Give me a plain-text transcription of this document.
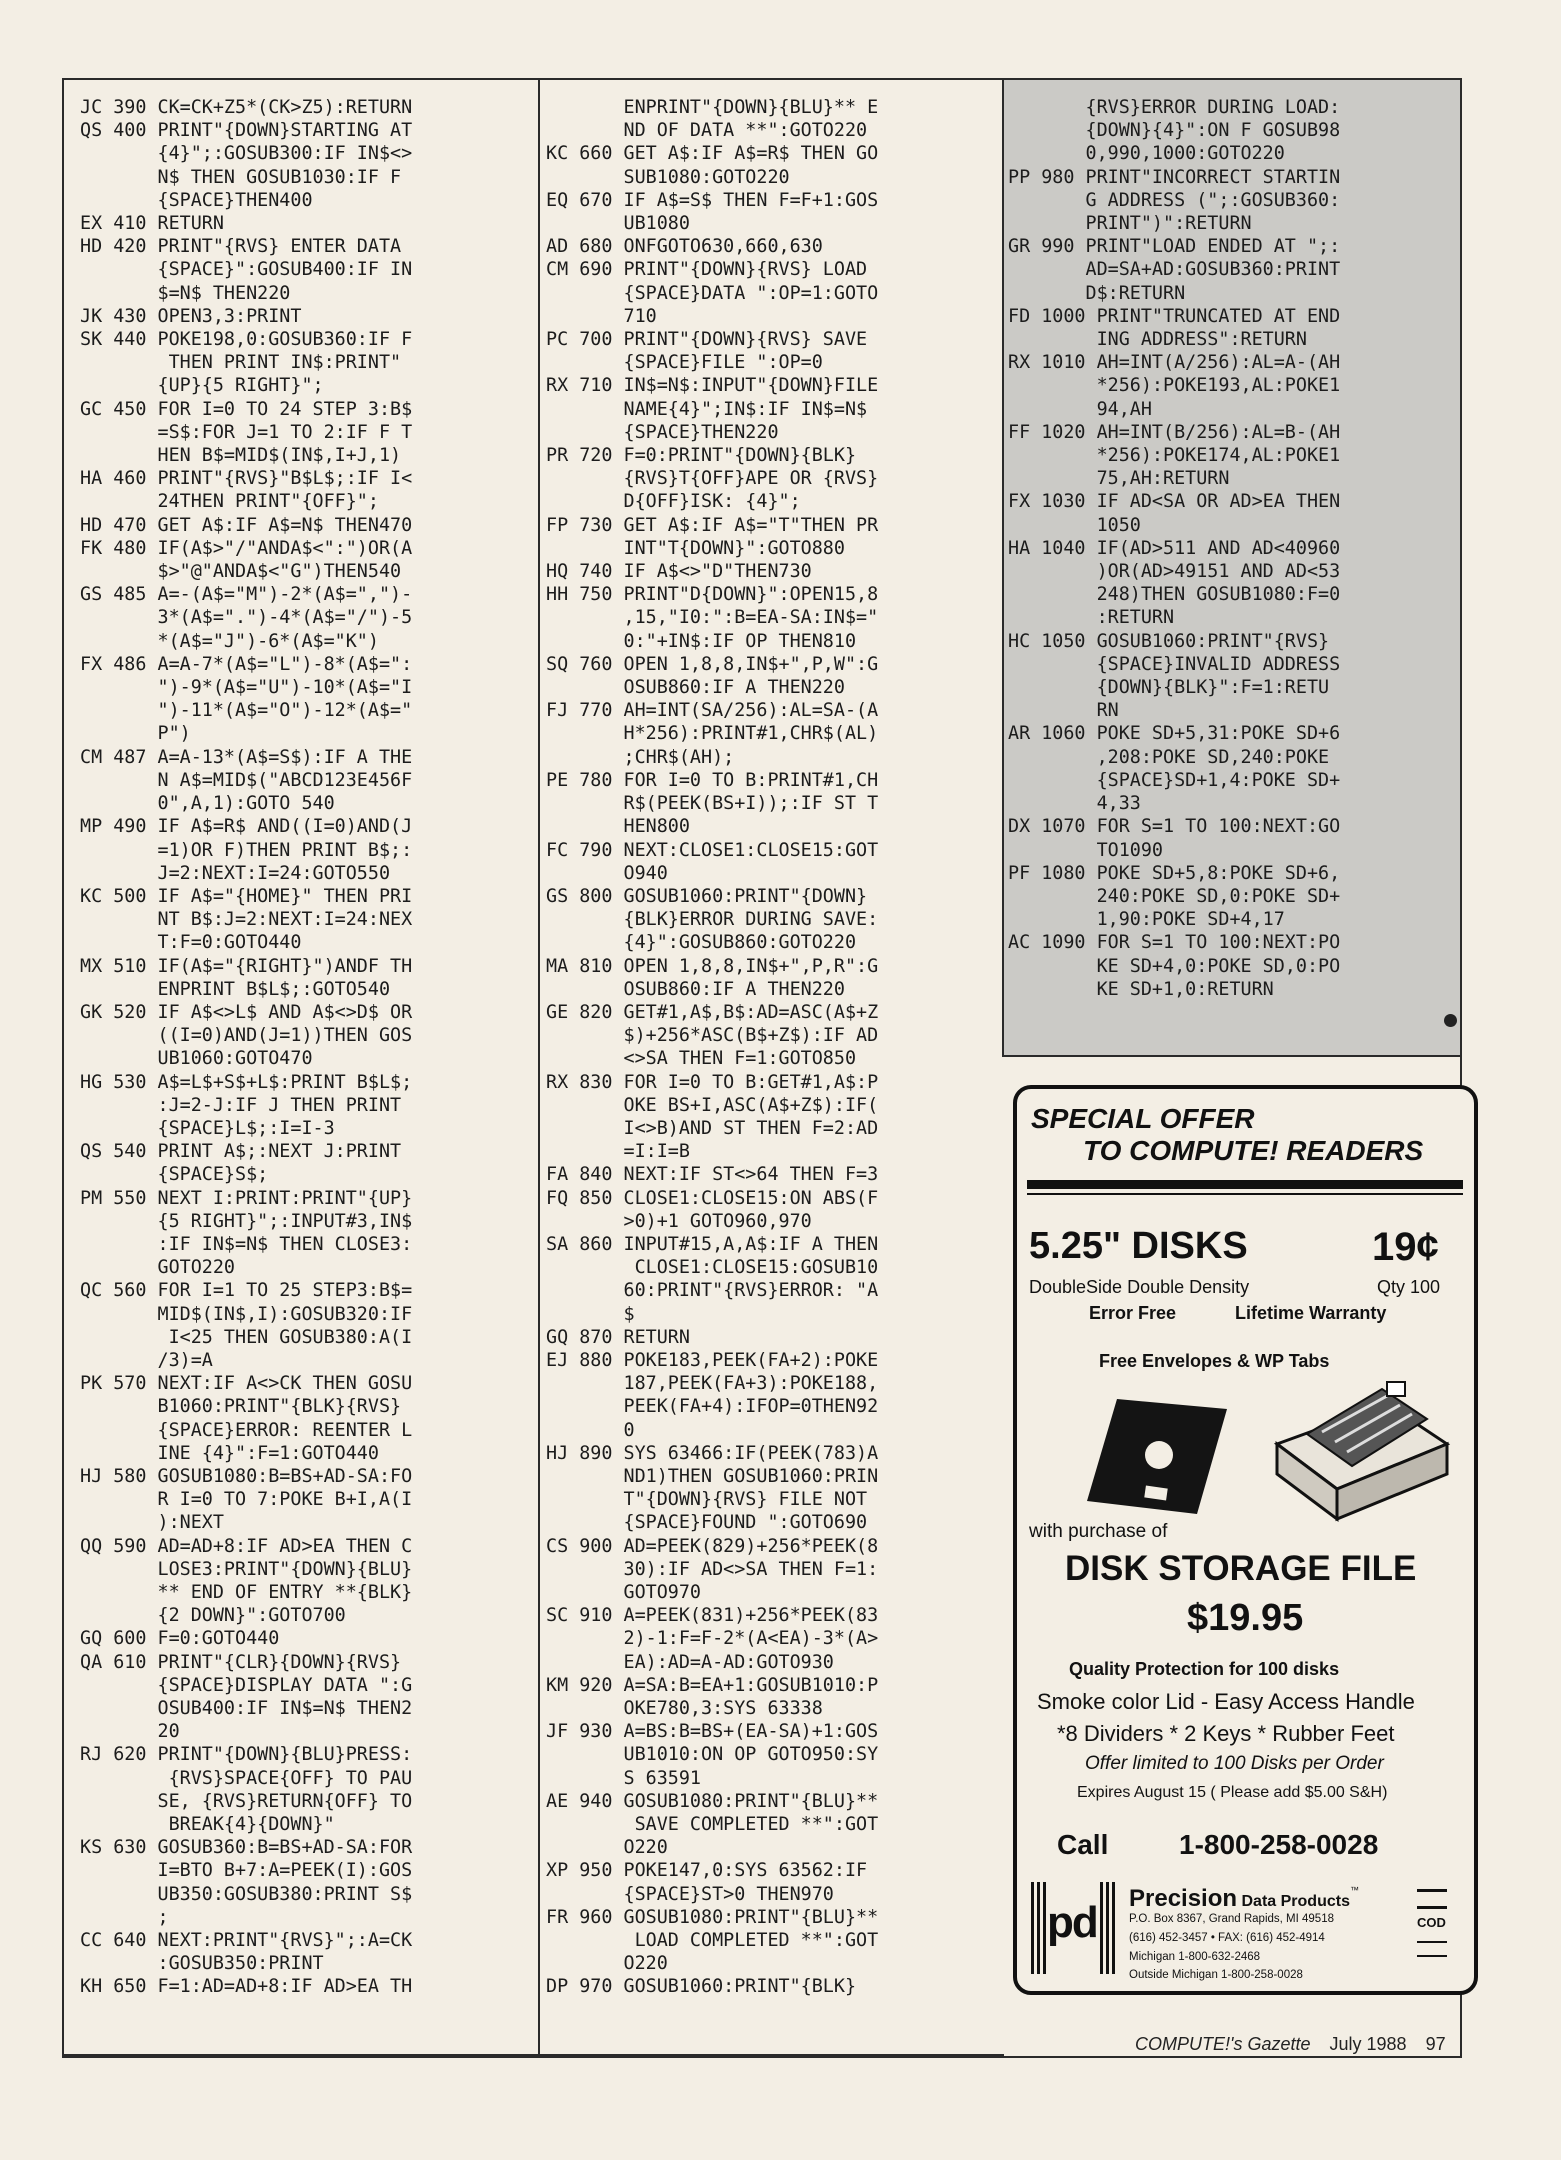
JC 390 CK=CK+Z5*(CK>Z5):RETURN
QS 400 PRINT"{DOWN}STARTING AT
{4}";:GOSUB300:IF IN$<>
N$ THEN GOSUB1030:IF F
{SPACE}THEN400
EX 410 RETURN
HD 420 PRINT"{RVS} ENTER DATA
{SPACE}":GOSUB400:IF IN
$=N$ THEN220
JK 430 OPEN3,3:PRINT
SK 440 POKE198,0:GOSUB360:IF F
THEN PRINT IN$:PRINT"
{UP}{5 RIGHT}";
GC 450 FOR I=0 TO 24 STEP 3:B$
=S$:FOR J=1 TO 2:IF F T
HEN B$=MID$(IN$,I+J,1)
HA 460 PRINT"{RVS}"B$L$;:IF I<
24THEN PRINT"{OFF}";
HD 470 GET A$:IF A$=N$ THEN470
FK 480 IF(A$>"/"ANDA$<":")OR(A
$>"@"ANDA$<"G")THEN540
GS 485 A=-(A$="M")-2*(A$=",")-
3*(A$=".")-4*(A$="/")-5
*(A$="J")-6*(A$="K")
FX 486 A=A-7*(A$="L")-8*(A$=":
")-9*(A$="U")-10*(A$="I
")-11*(A$="O")-12*(A$="
P")
CM 487 A=A-13*(A$=S$):IF A THE
N A$=MID$("ABCD123E456F
0",A,1):GOTO 540
MP 490 IF A$=R$ AND((I=0)AND(J
=1)OR F)THEN PRINT B$;:
J=2:NEXT:I=24:GOTO550
KC 500 IF A$="{HOME}" THEN PRI
NT B$:J=2:NEXT:I=24:NEX
T:F=0:GOTO440
MX 510 IF(A$="{RIGHT}")ANDF TH
ENPRINT B$L$;:GOTO540
GK 520 IF A$<>L$ AND A$<>D$ OR
((I=0)AND(J=1))THEN GOS
UB1060:GOTO470
HG 530 A$=L$+S$+L$:PRINT B$L$;
:J=2-J:IF J THEN PRINT
{SPACE}L$;:I=I-3
QS 540 PRINT A$;:NEXT J:PRINT
{SPACE}S$;
PM 550 NEXT I:PRINT:PRINT"{UP}
{5 RIGHT}";:INPUT#3,IN$
:IF IN$=N$ THEN CLOSE3:
GOTO220
QC 560 FOR I=1 TO 25 STEP3:B$=
MID$(IN$,I):GOSUB320:IF
I<25 THEN GOSUB380:A(I
/3)=A
PK 570 NEXT:IF A<>CK THEN GOSU
B1060:PRINT"{BLK}{RVS}
{SPACE}ERROR: REENTER L
INE {4}":F=1:GOTO440
HJ 580 GOSUB1080:B=BS+AD-SA:FO
R I=0 TO 7:POKE B+I,A(I
):NEXT
QQ 590 AD=AD+8:IF AD>EA THEN C
LOSE3:PRINT"{DOWN}{BLU}
** END OF ENTRY **{BLK}
{2 DOWN}":GOTO700
GQ 600 F=0:GOTO440
QA 610 PRINT"{CLR}{DOWN}{RVS}
{SPACE}DISPLAY DATA ":G
OSUB400:IF IN$=N$ THEN2
20
RJ 620 PRINT"{DOWN}{BLU}PRESS:
{RVS}SPACE{OFF} TO PAU
SE, {RVS}RETURN{OFF} TO
BREAK{4}{DOWN}"
KS 630 GOSUB360:B=BS+AD-SA:FOR
I=BTO B+7:A=PEEK(I):GOS
UB350:GOSUB380:PRINT S$
;
CC 640 NEXT:PRINT"{RVS}";:A=CK
:GOSUB350:PRINT
KH 650 F=1:AD=AD+8:IF AD>EA TH
ENPRINT"{DOWN}{BLU}** E
ND OF DATA **":GOTO220
KC 660 GET A$:IF A$=R$ THEN GO
SUB1080:GOTO220
EQ 670 IF A$=S$ THEN F=F+1:GOS
UB1080
AD 680 ONFGOTO630,660,630
CM 690 PRINT"{DOWN}{RVS} LOAD
{SPACE}DATA ":OP=1:GOTO
710
PC 700 PRINT"{DOWN}{RVS} SAVE
{SPACE}FILE ":OP=0
RX 710 IN$=N$:INPUT"{DOWN}FILE
NAME{4}";IN$:IF IN$=N$
{SPACE}THEN220
PR 720 F=0:PRINT"{DOWN}{BLK}
{RVS}T{OFF}APE OR {RVS}
D{OFF}ISK: {4}";
FP 730 GET A$:IF A$="T"THEN PR
INT"T{DOWN}":GOTO880
HQ 740 IF A$<>"D"THEN730
HH 750 PRINT"D{DOWN}":OPEN15,8
,15,"I0:":B=EA-SA:IN$="
0:"+IN$:IF OP THEN810
SQ 760 OPEN 1,8,8,IN$+",P,W":G
OSUB860:IF A THEN220
FJ 770 AH=INT(SA/256):AL=SA-(A
H*256):PRINT#1,CHR$(AL)
;CHR$(AH);
PE 780 FOR I=0 TO B:PRINT#1,CH
R$(PEEK(BS+I));:IF ST T
HEN800
FC 790 NEXT:CLOSE1:CLOSE15:GOT
O940
GS 800 GOSUB1060:PRINT"{DOWN}
{BLK}ERROR DURING SAVE:
{4}":GOSUB860:GOTO220
MA 810 OPEN 1,8,8,IN$+",P,R":G
OSUB860:IF A THEN220
GE 820 GET#1,A$,B$:AD=ASC(A$+Z
$)+256*ASC(B$+Z$):IF AD
<>SA THEN F=1:GOTO850
RX 830 FOR I=0 TO B:GET#1,A$:P
OKE BS+I,ASC(A$+Z$):IF(
I<>B)AND ST THEN F=2:AD
=I:I=B
FA 840 NEXT:IF ST<>64 THEN F=3
FQ 850 CLOSE1:CLOSE15:ON ABS(F
>0)+1 GOTO960,970
SA 860 INPUT#15,A,A$:IF A THEN
CLOSE1:CLOSE15:GOSUB10
60:PRINT"{RVS}ERROR: "A
$
GQ 870 RETURN
EJ 880 POKE183,PEEK(FA+2):POKE
187,PEEK(FA+3):POKE188,
PEEK(FA+4):IFOP=0THEN92
0
HJ 890 SYS 63466:IF(PEEK(783)A
ND1)THEN GOSUB1060:PRIN
T"{DOWN}{RVS} FILE NOT
{SPACE}FOUND ":GOTO690
CS 900 AD=PEEK(829)+256*PEEK(8
30):IF AD<>SA THEN F=1:
GOTO970
SC 910 A=PEEK(831)+256*PEEK(83
2)-1:F=F-2*(A<EA)-3*(A>
EA):AD=A-AD:GOTO930
KM 920 A=SA:B=EA+1:GOSUB1010:P
OKE780,3:SYS 63338
JF 930 A=BS:B=BS+(EA-SA)+1:GOS
UB1010:ON OP GOTO950:SY
S 63591
AE 940 GOSUB1080:PRINT"{BLU}**
SAVE COMPLETED **":GOT
O220
XP 950 POKE147,0:SYS 63562:IF
{SPACE}ST>0 THEN970
FR 960 GOSUB1080:PRINT"{BLU}**
LOAD COMPLETED **":GOT
O220
DP 970 GOSUB1060:PRINT"{BLK}
{RVS}ERROR DURING LOAD:
{DOWN}{4}":ON F GOSUB98
0,990,1000:GOTO220
PP 980 PRINT"INCORRECT STARTIN
G ADDRESS (";:GOSUB360:
PRINT")":RETURN
GR 990 PRINT"LOAD ENDED AT ";:
AD=SA+AD:GOSUB360:PRINT
D$:RETURN
FD 1000 PRINT"TRUNCATED AT END
ING ADDRESS":RETURN
RX 1010 AH=INT(A/256):AL=A-(AH
*256):POKE193,AL:POKE1
94,AH
FF 1020 AH=INT(B/256):AL=B-(AH
*256):POKE174,AL:POKE1
75,AH:RETURN
FX 1030 IF AD<SA OR AD>EA THEN
1050
HA 1040 IF(AD>511 AND AD<40960
)OR(AD>49151 AND AD<53
248)THEN GOSUB1080:F=0
:RETURN
HC 1050 GOSUB1060:PRINT"{RVS}
{SPACE}INVALID ADDRESS
{DOWN}{BLK}":F=1:RETU
RN
AR 1060 POKE SD+5,31:POKE SD+6
,208:POKE SD,240:POKE
{SPACE}SD+1,4:POKE SD+
4,33
DX 1070 FOR S=1 TO 100:NEXT:GO
TO1090
PF 1080 POKE SD+5,8:POKE SD+6,
240:POKE SD,0:POKE SD+
1,90:POKE SD+4,17
AC 1090 FOR S=1 TO 100:NEXT:PO
KE SD+4,0:POKE SD,0:PO
KE SD+1,0:RETURN
SPECIAL OFFER
TO COMPUTE! READERS
5.25" DISKS	19¢
DoubleSide Double Density	Qty 100
Error Free	Lifetime Warranty
Free Envelopes & WP Tabs
with purchase of
DISK STORAGE FILE
$19.95
Quality Protection for 100 disks
Smoke color Lid - Easy Access Handle
*8 Dividers * 2 Keys * Rubber Feet
Offer limited to 100 Disks per Order
Expires August 15 ( Please add $5.00 S&H)
Call	1-800-258-0028
pd Precision Data Products™
P.O. Box 8367, Grand Rapids, MI 49518
(616) 452-3457 • FAX: (616) 452-4914
Michigan 1-800-632-2468
Outside Michigan 1-800-258-0028
COD
COMPUTE!'s Gazette July 1988 97
